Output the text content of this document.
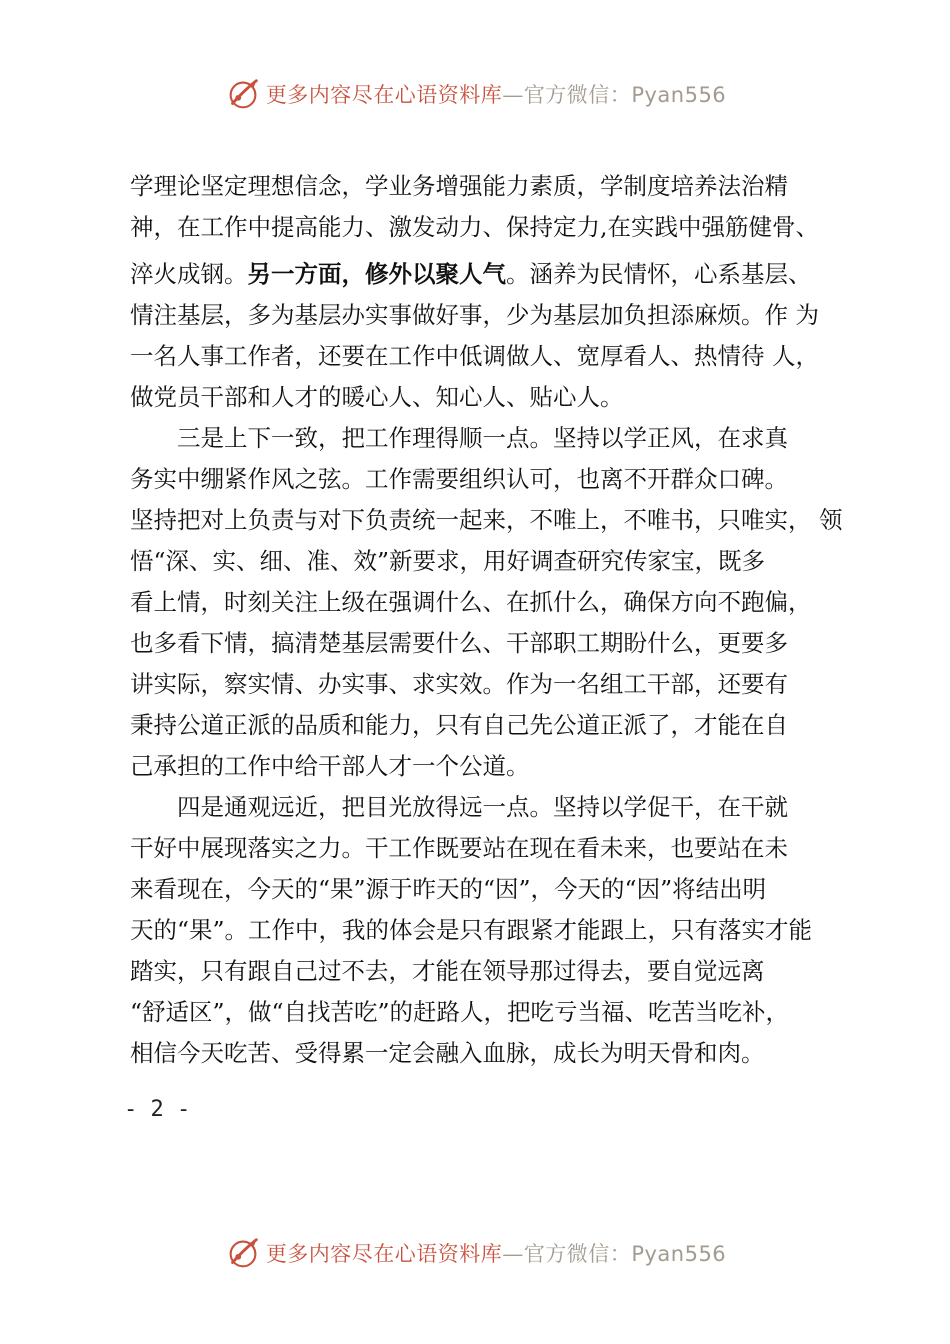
更多内容尽在心语资料库—官方微信：Pyan556
学理论坚定理想信念，学业务增强能力素质，学制度培养法治精
神，在工作中提高能力、激发动力、保持定力,在实践中强筋健骨、
淬火成钢。另一方面，修外以聚人气。涵养为民情怀，心系基层、
情注基层，多为基层办实事做好事，少为基层加负担添麻烦。作 为
一名人事工作者，还要在工作中低调做人、宽厚看人、热情待 人，
做党员干部和人才的暖心人、知心人、贴心人。
　　三是上下一致，把工作理得顺一点。坚持以学正风，在求真
务实中绷紧作风之弦。工作需要组织认可，也离不开群众口碑。
坚持把对上负责与对下负责统一起来，不唯上，不唯书，只唯实， 领
悟“深、实、细、准、效”新要求，用好调查研究传家宝，既多
看上情，时刻关注上级在强调什么、在抓什么，确保方向不跑偏，
也多看下情，搞清楚基层需要什么、干部职工期盼什么，更要多
讲实际，察实情、办实事、求实效。作为一名组工干部，还要有
秉持公道正派的品质和能力，只有自己先公道正派了，才能在自
己承担的工作中给干部人才一个公道。
　　四是通观远近，把目光放得远一点。坚持以学促干，在干就
干好中展现落实之力。干工作既要站在现在看未来，也要站在未
来看现在，今天的“果”源于昨天的“因”，今天的“因”将结出明
天的“果”。工作中，我的体会是只有跟紧才能跟上，只有落实才能
踏实，只有跟自己过不去，才能在领导那过得去，要自觉远离
“舒适区”，做“自找苦吃”的赶路人，把吃亏当福、吃苦当吃补，
相信今天吃苦、受得累一定会融入血脉，成长为明天骨和肉。
- 2 -
更多内容尽在心语资料库—官方微信：Pyan556
